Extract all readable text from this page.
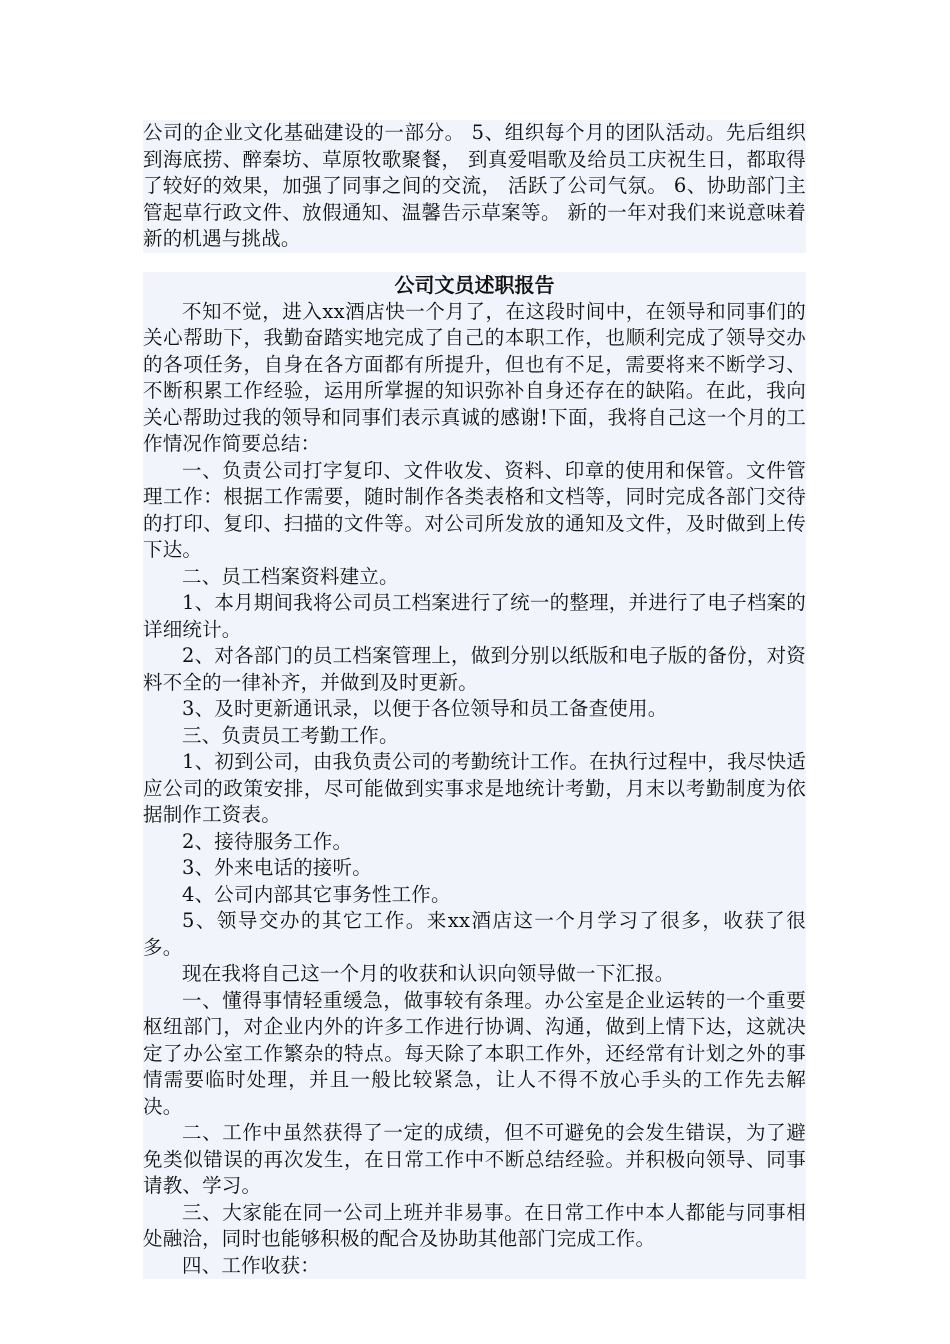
公司的企业文化基础建设的一部分。 5、组织每个月的团队活动。先后组织到海底捞、醉秦坊、草原牧歌聚餐， 到真爱唱歌及给员工庆祝生日，都取得了较好的效果，加强了同事之间的交流， 活跃了公司气氛。 6、协助部门主管起草行政文件、放假通知、温馨告示草案等。 新的一年对我们来说意味着新的机遇与挑战。

公司文员述职报告

不知不觉，进入xx酒店快一个月了，在这段时间中，在领导和同事们的关心帮助下，我勤奋踏实地完成了自己的本职工作，也顺利完成了领导交办的各项任务，自身在各方面都有所提升，但也有不足，需要将来不断学习、不断积累工作经验，运用所掌握的知识弥补自身还存在的缺陷。在此，我向关心帮助过我的领导和同事们表示真诚的感谢!下面，我将自己这一个月的工作情况作简要总结：

一、负责公司打字复印、文件收发、资料、印章的使用和保管。文件管理工作：根据工作需要，随时制作各类表格和文档等，同时完成各部门交待的打印、复印、扫描的文件等。对公司所发放的通知及文件，及时做到上传下达。

二、员工档案资料建立。

1、本月期间我将公司员工档案进行了统一的整理，并进行了电子档案的详细统计。

2、对各部门的员工档案管理上，做到分别以纸版和电子版的备份，对资料不全的一律补齐，并做到及时更新。

3、及时更新通讯录，以便于各位领导和员工备查使用。

三、负责员工考勤工作。

1、初到公司，由我负责公司的考勤统计工作。在执行过程中，我尽快适应公司的政策安排，尽可能做到实事求是地统计考勤，月末以考勤制度为依据制作工资表。

2、接待服务工作。

3、外来电话的接听。

4、公司内部其它事务性工作。

5、领导交办的其它工作。来xx酒店这一个月学习了很多，收获了很多。

现在我将自己这一个月的收获和认识向领导做一下汇报。

一、懂得事情轻重缓急，做事较有条理。办公室是企业运转的一个重要枢纽部门，对企业内外的许多工作进行协调、沟通，做到上情下达，这就决定了办公室工作繁杂的特点。每天除了本职工作外，还经常有计划之外的事情需要临时处理，并且一般比较紧急，让人不得不放心手头的工作先去解决。

二、工作中虽然获得了一定的成绩，但不可避免的会发生错误，为了避免类似错误的再次发生，在日常工作中不断总结经验。并积极向领导、同事请教、学习。

三、大家能在同一公司上班并非易事。在日常工作中本人都能与同事相处融洽，同时也能够积极的配合及协助其他部门完成工作。

四、工作收获：
